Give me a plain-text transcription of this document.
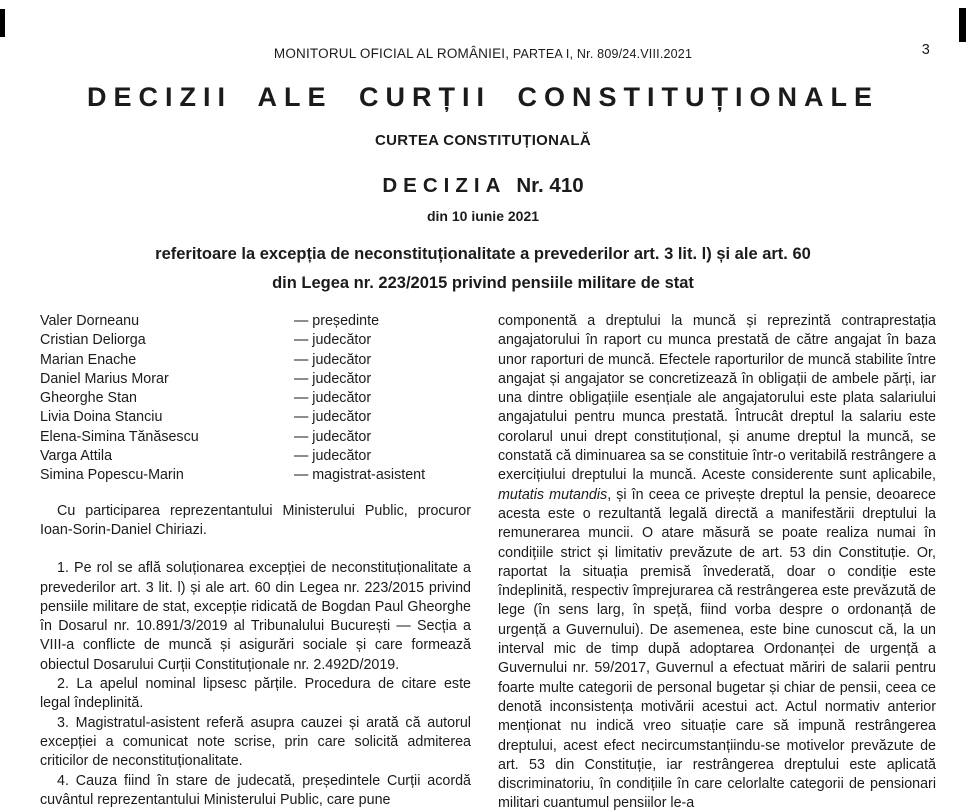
MONITORUL OFICIAL AL ROMÂNIEI, PARTEA I, Nr. 809/24.VIII.2021	3
DECIZII ALE CURȚII CONSTITUȚIONALE
CURTEA CONSTITUȚIONALĂ
DECIZIA Nr. 410
din 10 iunie 2021
referitoare la excepția de neconstituționalitate a prevederilor art. 3 lit. l) și ale art. 60
din Legea nr. 223/2015 privind pensiile militare de stat
Valer Dorneanu	— președinte
Cristian Deliorga	— judecător
Marian Enache	— judecător
Daniel Marius Morar	— judecător
Gheorghe Stan	— judecător
Livia Doina Stanciu	— judecător
Elena-Simina Tănăsescu	— judecător
Varga Attila	— judecător
Simina Popescu-Marin	— magistrat-asistent

Cu participarea reprezentantului Ministerului Public, procuror Ioan-Sorin-Daniel Chiriazi.

1. Pe rol se află soluționarea excepției de neconstituționalitate a prevederilor art. 3 lit. l) și ale art. 60 din Legea nr. 223/2015 privind pensiile militare de stat, excepție ridicată de Bogdan Paul Gheorghe în Dosarul nr. 10.891/3/2019 al Tribunalului București — Secția a VIII-a conflicte de muncă și asigurări sociale și care formează obiectul Dosarului Curții Constituționale nr. 2.492D/2019.

2. La apelul nominal lipsesc părțile. Procedura de citare este legal îndeplinită.

3. Magistratul-asistent referă asupra cauzei și arată că autorul excepției a comunicat note scrise, prin care solicită admiterea criticilor de neconstituționalitate.

4. Cauza fiind în stare de judecată, președintele Curții acordă cuvântul reprezentantului Ministerului Public, care pune

componentă a dreptului la muncă și reprezintă contraprestația angajatorului în raport cu munca prestată de către angajat în baza unor raporturi de muncă. Efectele raporturilor de muncă stabilite între angajat și angajator se concretizează în obligații de ambele părți, iar una dintre obligațiile esențiale ale angajatorului este plata salariului angajatului pentru munca prestată. Întrucât dreptul la salariu este corolarul unui drept constituțional, și anume dreptul la muncă, se constată că diminuarea sa se constituie într-o veritabilă restrângere a exercițiului dreptului la muncă. Aceste considerente sunt aplicabile, mutatis mutandis, și în ceea ce privește dreptul la pensie, deoarece acesta este o rezultantă legală directă a manifestării dreptului la remunerarea muncii. O atare măsură se poate realiza numai în condițiile strict și limitativ prevăzute de art. 53 din Constituție. Or, raportat la situația premisă învederată, doar o condiție este îndeplinită, respectiv împrejurarea că restrângerea este prevăzută de lege (în sens larg, în speță, fiind vorba despre o ordonanță de urgență a Guvernului). De asemenea, este bine cunoscut că, la un interval mic de timp după adoptarea Ordonanței de urgență a Guvernului nr. 59/2017, Guvernul a efectuat măriri de salarii pentru foarte multe categorii de personal bugetar și chiar de pensii, ceea ce denotă inconsistența motivării acestui act. Actul normativ anterior menționat nu indică vreo situație care să impună restrângerea dreptului, acest efect necircumstanțiindu-se motivelor prevăzute de art. 53 din Constituție, iar restrângerea dreptului este aplicată discriminatoriu, în condițiile în care celorlalte categorii de pensionari militari cuantumul pensiilor le-a
